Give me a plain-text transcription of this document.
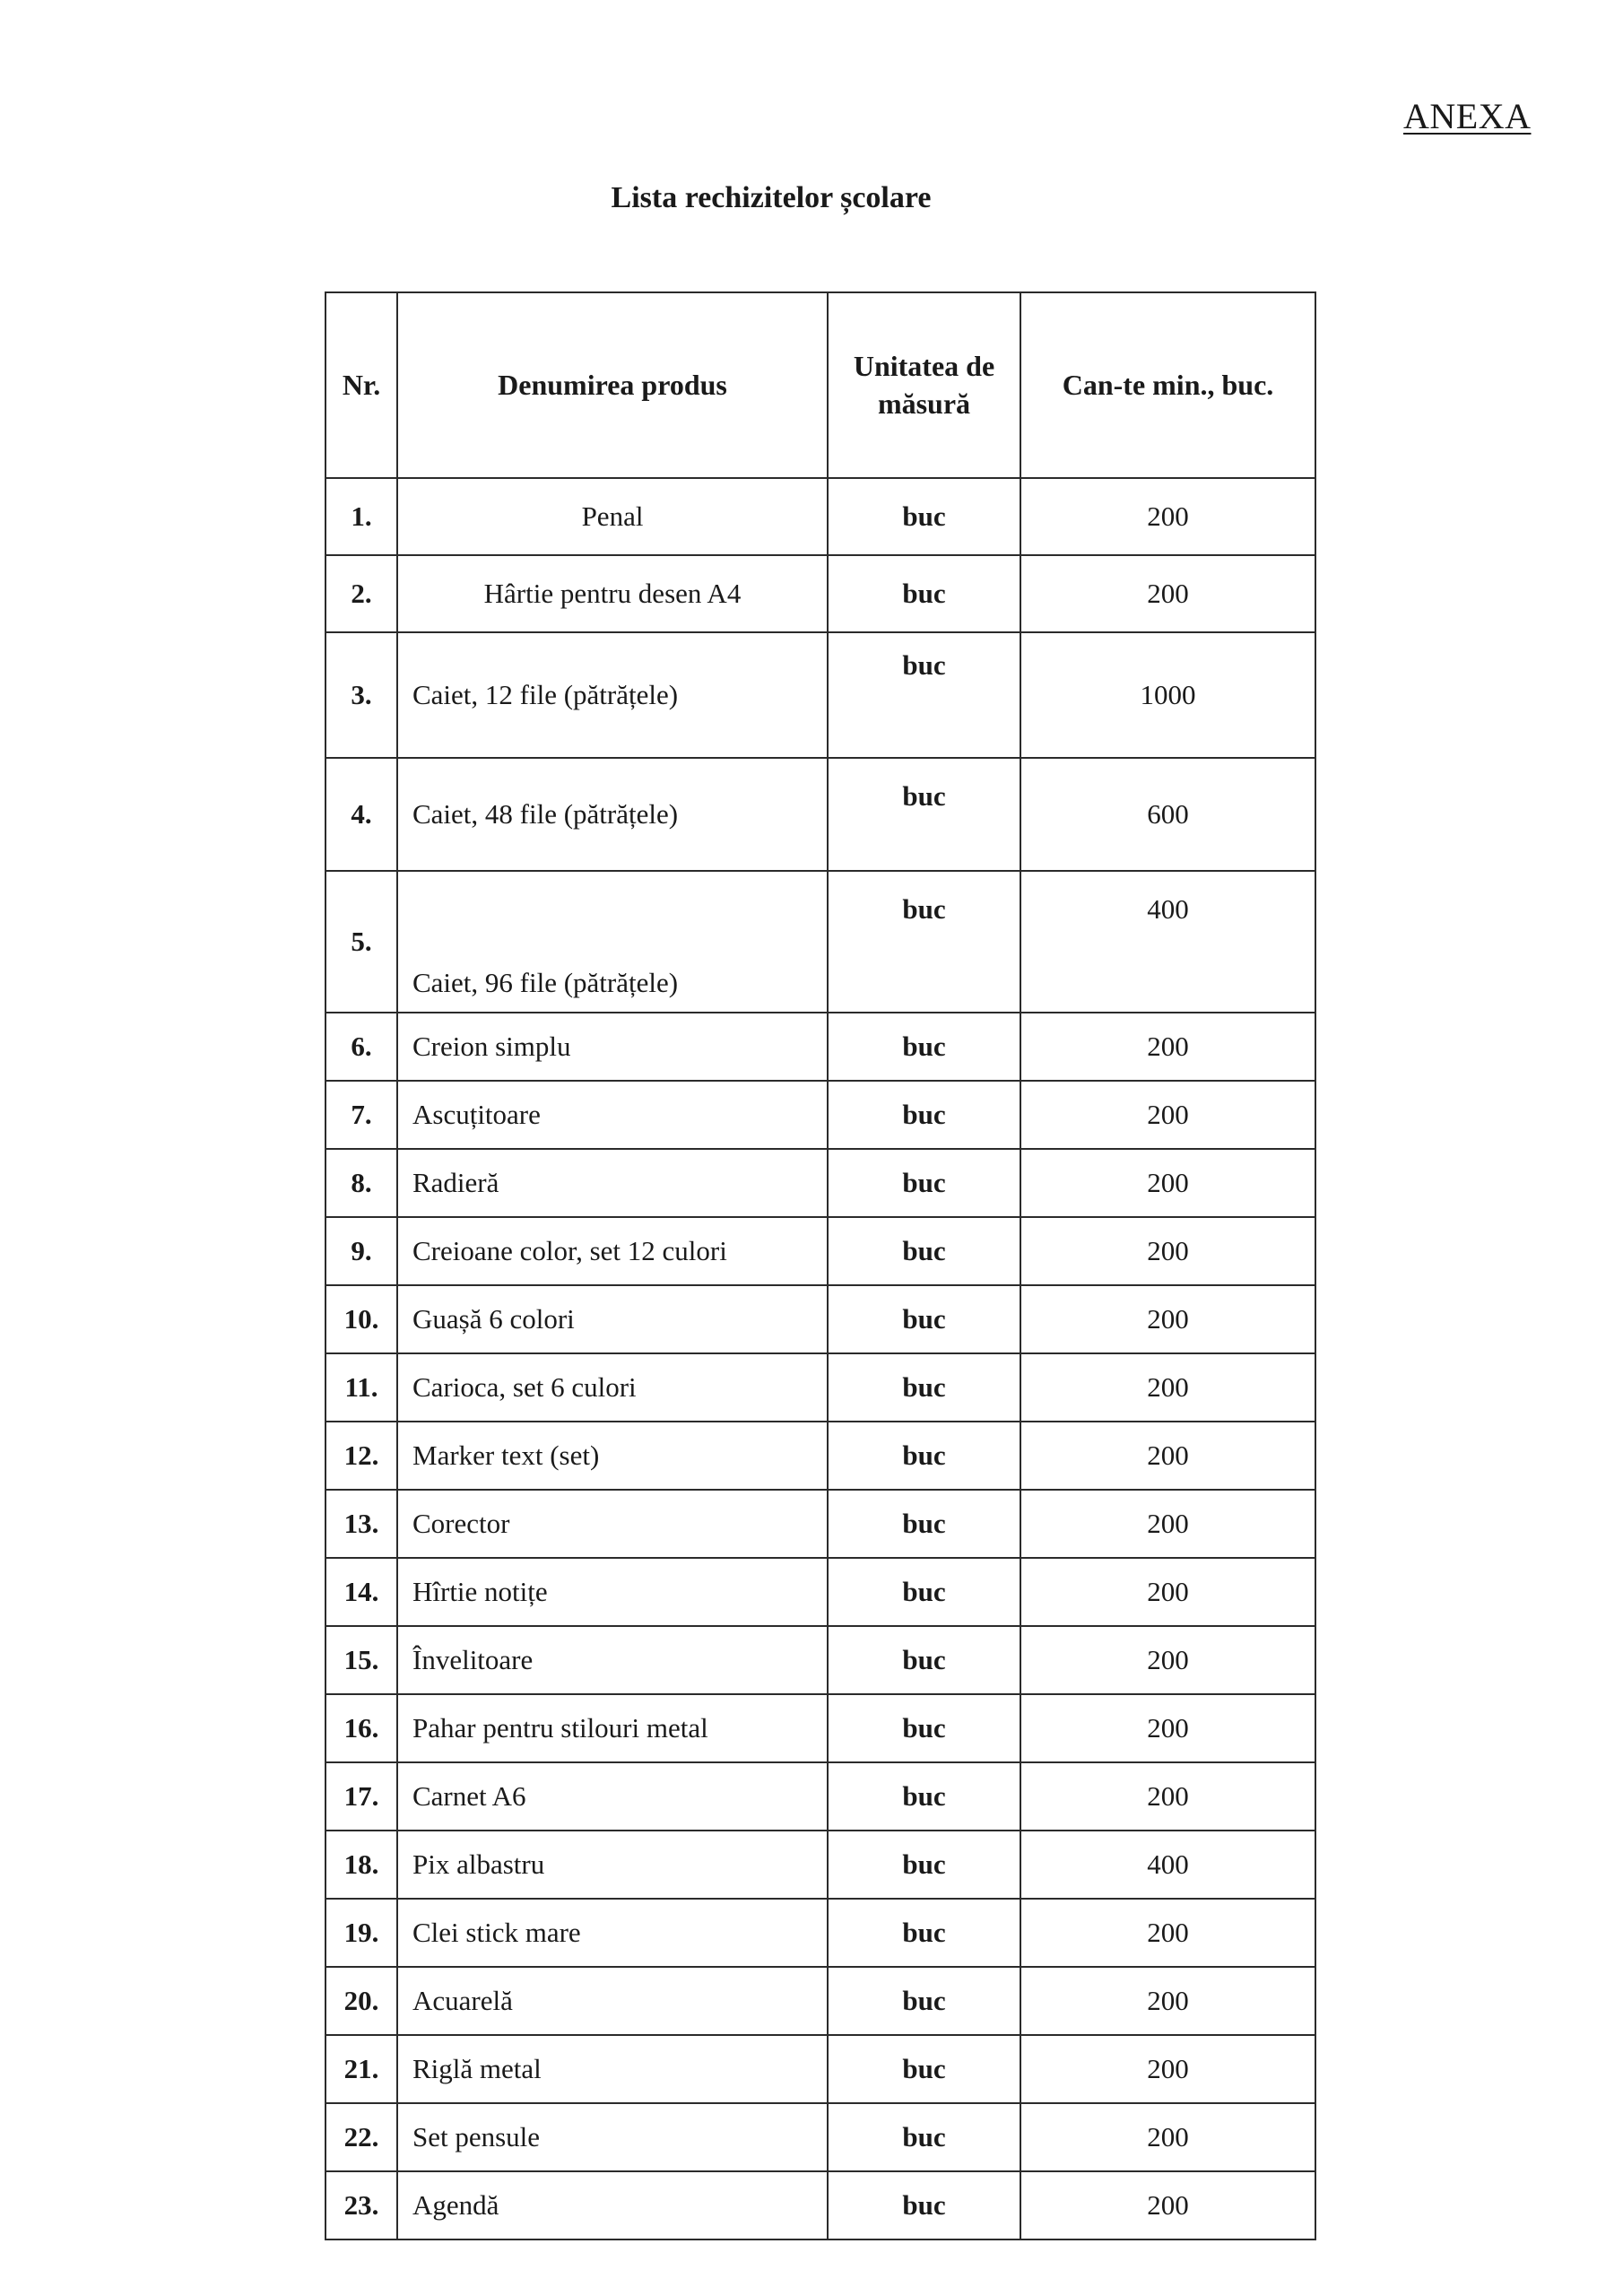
ANEXA
Lista rechizitelor școlare
Nr.	Denumirea produs	Unitatea de măsură	Can-te min., buc.
1.	Penal	buc	200
2.	Hârtie pentru desen A4	buc	200
3.	Caiet, 12 file (pătrățele)	buc	1000
4.	Caiet, 48 file (pătrățele)	buc	600
5.	Caiet, 96 file (pătrățele)	buc	400
6.	Creion simplu	buc	200
7.	Ascuțitoare	buc	200
8.	Radieră	buc	200
9.	Creioane color, set 12 culori	buc	200
10.	Guașă 6 colori	buc	200
11.	Carioca, set 6 culori	buc	200
12.	Marker text (set)	buc	200
13.	Corector	buc	200
14.	Hîrtie notițe	buc	200
15.	Învelitoare	buc	200
16.	Pahar pentru stilouri metal	buc	200
17.	Carnet A6	buc	200
18.	Pix albastru	buc	400
19.	Clei stick mare	buc	200
20.	Acuarelă	buc	200
21.	Riglă metal	buc	200
22.	Set pensule	buc	200
23.	Agendă	buc	200
